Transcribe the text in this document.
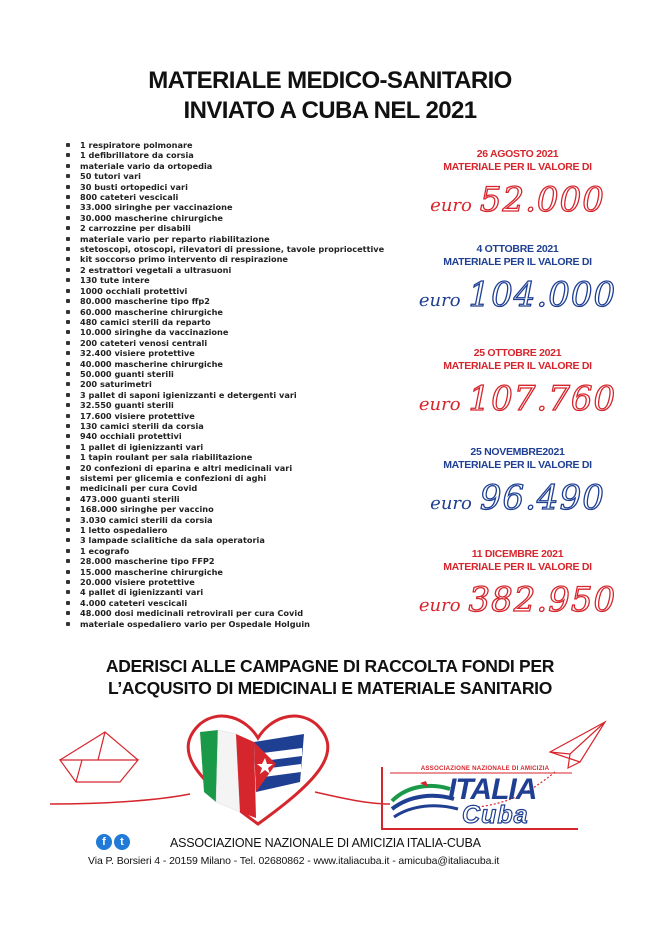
MATERIALE MEDICO-SANITARIO
INVIATO A CUBA NEL 2021
1 respiratore polmonare
1 defibrillatore da corsia
materiale vario da ortopedia
50 tutori vari
30 busti ortopedici vari
800 cateteri vescicali
33.000 siringhe per vaccinazione
30.000 mascherine chirurgiche
2 carrozzine per disabili
materiale vario per reparto riabilitazione
stetoscopi, otoscopi, rilevatori di pressione, tavole propriocettive
kit soccorso primo intervento di respirazione
2 estrattori vegetali a ultrasuoni
130 tute intere
1000 occhiali protettivi
80.000 mascherine tipo ffp2
60.000 mascherine chirurgiche
480 camici sterili da reparto
10.000 siringhe da vaccinazione
200 cateteri venosi centrali
32.400 visiere protettive
40.000 mascherine chirurgiche
50.000 guanti sterili
200 saturimetri
3 pallet di saponi igienizzanti e detergenti vari
32.550 guanti sterili
17.600 visiere protettive
130 camici sterili da corsia
940 occhiali protettivi
1 pallet di igienizzanti vari
1 tapin roulant per sala riabilitazione
20 confezioni di eparina e altri medicinali vari
sistemi per glicemia e confezioni di aghi
medicinali per cura Covid
473.000 guanti sterili
168.000 siringhe per vaccino
3.030 camici sterili da corsia
1 letto ospedaliero
3 lampade scialitiche da sala operatoria
1 ecografo
28.000 mascherine tipo FFP2
15.000 mascherine chirurgiche
20.000 visiere protettive
4 pallet di igienizzanti vari
4.000 cateteri vescicali
48.000 dosi medicinali retrovirali per cura Covid
materiale ospedaliero vario per Ospedale Holguin
26 AGOSTO 2021
MATERIALE PER IL VALORE DI
euro 52.000
4 OTTOBRE 2021
MATERIALE PER IL VALORE DI
euro 104.000
25 OTTOBRE 2021
MATERIALE PER IL VALORE DI
euro 107.760
25 NOVEMBRE2021
MATERIALE PER IL VALORE DI
euro 96.490
11 DICEMBRE 2021
MATERIALE PER IL VALORE DI
euro 382.950
ADERISCI ALLE CAMPAGNE DI RACCOLTA FONDI PER
L’ACQUSITO DI MEDICINALI E MATERIALE SANITARIO
ASSOCIAZIONE NAZIONALE DI AMICIZIA
ITALIA
Cuba
f	t	ASSOCIAZIONE NAZIONALE DI AMICIZIA ITALIA-CUBA
Via P. Borsieri 4 - 20159 Milano - Tel. 02680862 - www.italiacuba.it - amicuba@italiacuba.it
